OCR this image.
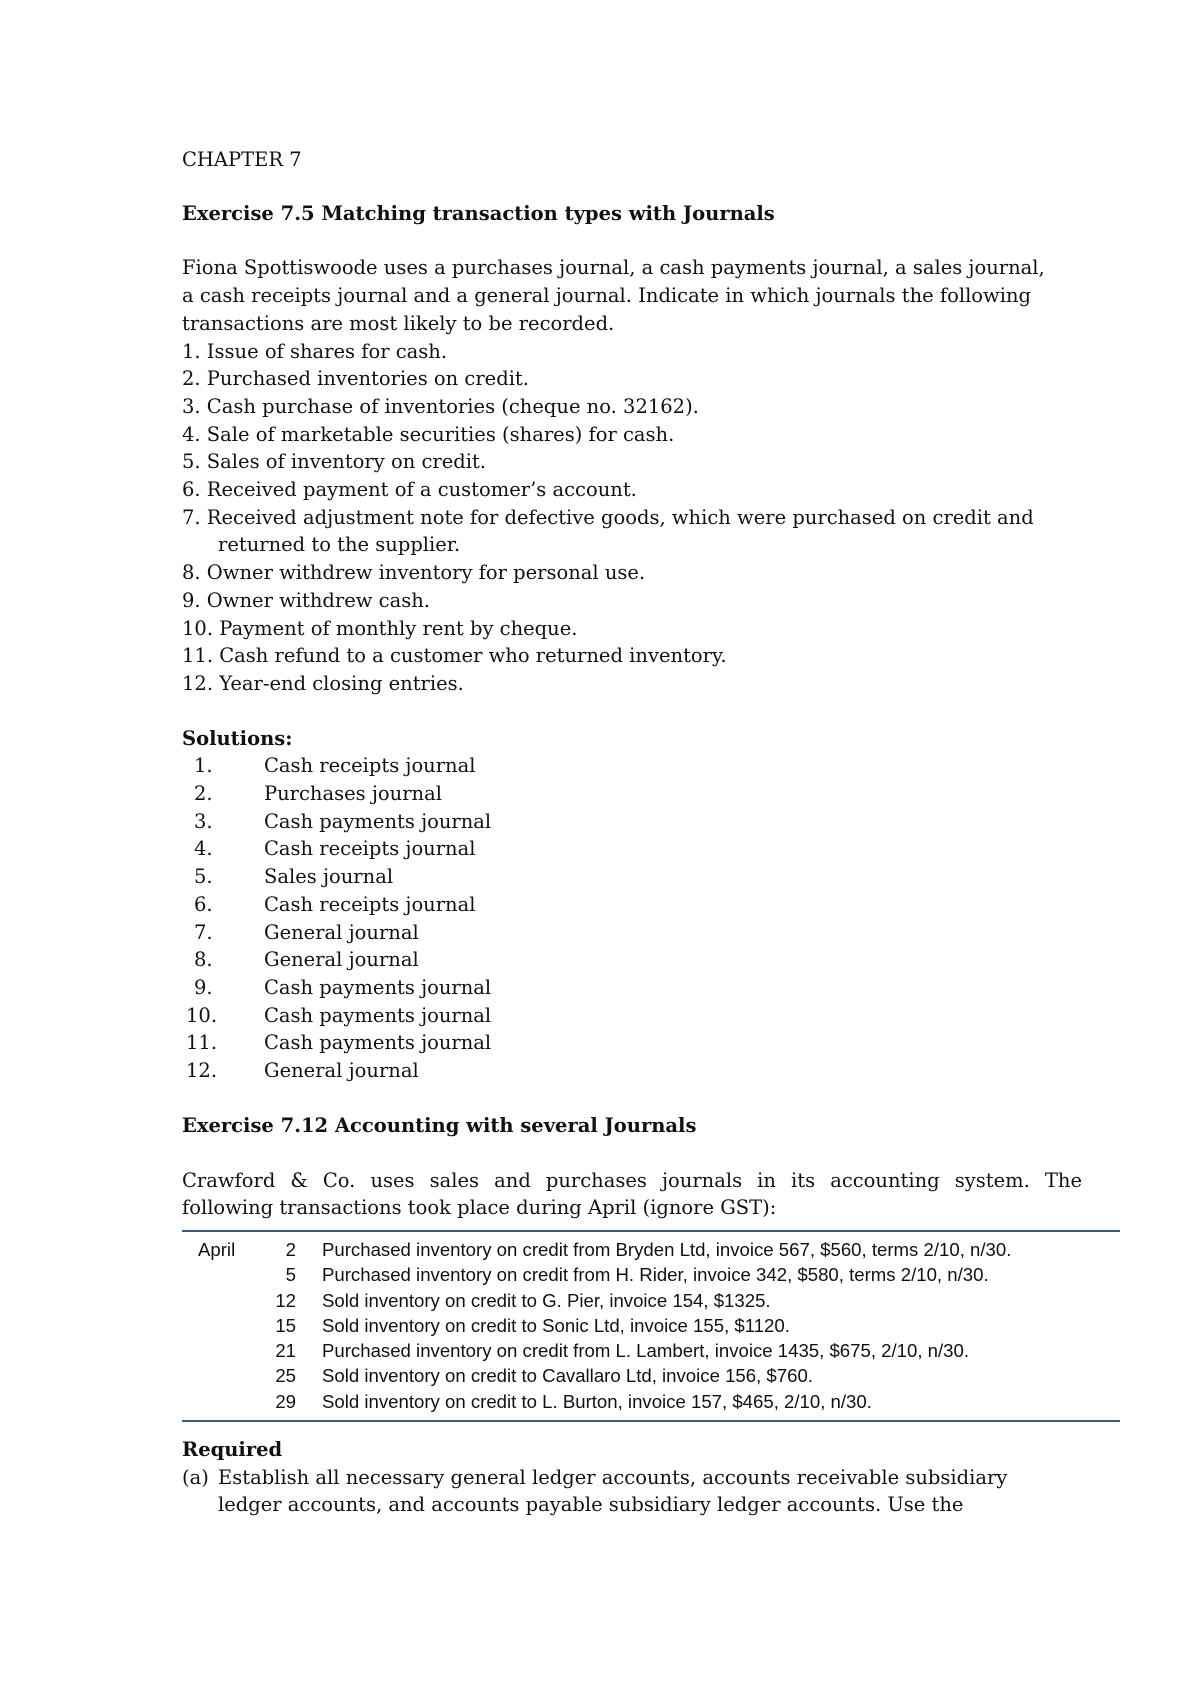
CHAPTER 7
Exercise 7.5 Matching transaction types with Journals
Fiona Spottiswoode uses a purchases journal, a cash payments journal, a sales journal,
a cash receipts journal and a general journal. Indicate in which journals the following
transactions are most likely to be recorded.
1. Issue of shares for cash.
2. Purchased inventories on credit.
3. Cash purchase of inventories (cheque no. 32162).
4. Sale of marketable securities (shares) for cash.
5. Sales of inventory on credit.
6. Received payment of a customer’s account.
7. Received adjustment note for defective goods, which were purchased on credit and
returned to the supplier.
8. Owner withdrew inventory for personal use.
9. Owner withdrew cash.
10. Payment of monthly rent by cheque.
11. Cash refund to a customer who returned inventory.
12. Year-end closing entries.
Solutions:
1.	Cash receipts journal
2.	Purchases journal
3.	Cash payments journal
4.	Cash receipts journal
5.	Sales journal
6.	Cash receipts journal
7.	General journal
8.	General journal
9.	Cash payments journal
10.	Cash payments journal
11.	Cash payments journal
12.	General journal
Exercise 7.12 Accounting with several Journals
Crawford & Co. uses sales and purchases journals in its accounting system. The
following transactions took place during April (ignore GST):
April	2	Purchased inventory on credit from Bryden Ltd, invoice 567, $560, terms 2/10, n/30.
5	Purchased inventory on credit from H. Rider, invoice 342, $580, terms 2/10, n/30.
12	Sold inventory on credit to G. Pier, invoice 154, $1325.
15	Sold inventory on credit to Sonic Ltd, invoice 155, $1120.
21	Purchased inventory on credit from L. Lambert, invoice 1435, $675, 2/10, n/30.
25	Sold inventory on credit to Cavallaro Ltd, invoice 156, $760.
29	Sold inventory on credit to L. Burton, invoice 157, $465, 2/10, n/30.
Required
(a) Establish all necessary general ledger accounts, accounts receivable subsidiary
ledger accounts, and accounts payable subsidiary ledger accounts. Use the
